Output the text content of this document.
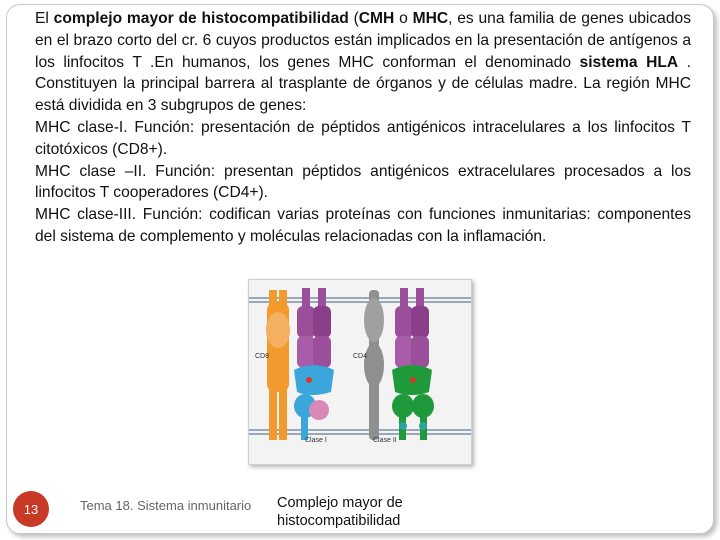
El complejo mayor de histocompatibilidad (CMH o MHC, es una familia de genes ubicados en el brazo corto del cr. 6 cuyos productos están implicados en la presentación de antígenos a los linfocitos T .En humanos, los genes MHC conforman el denominado sistema HLA . Constituyen la principal barrera al trasplante de órganos y de células madre. La región MHC está dividida en 3 subgrupos de genes:

MHC clase-I. Función: presentación de péptidos antigénicos intracelulares a los linfocitos T citotóxicos (CD8+).

MHC clase –II. Función: presentan péptidos antigénicos extracelulares procesados a los linfocitos T cooperadores (CD4+).

MHC clase-III. Función: codifican varias proteínas con funciones inmunitarias: componentes del sistema de complemento y moléculas relacionadas con la inflamación.

CD8	CD4
Clase I	Clase II
13	Tema 18. Sistema inmunitario Complejo mayor de histocompatibilidad
